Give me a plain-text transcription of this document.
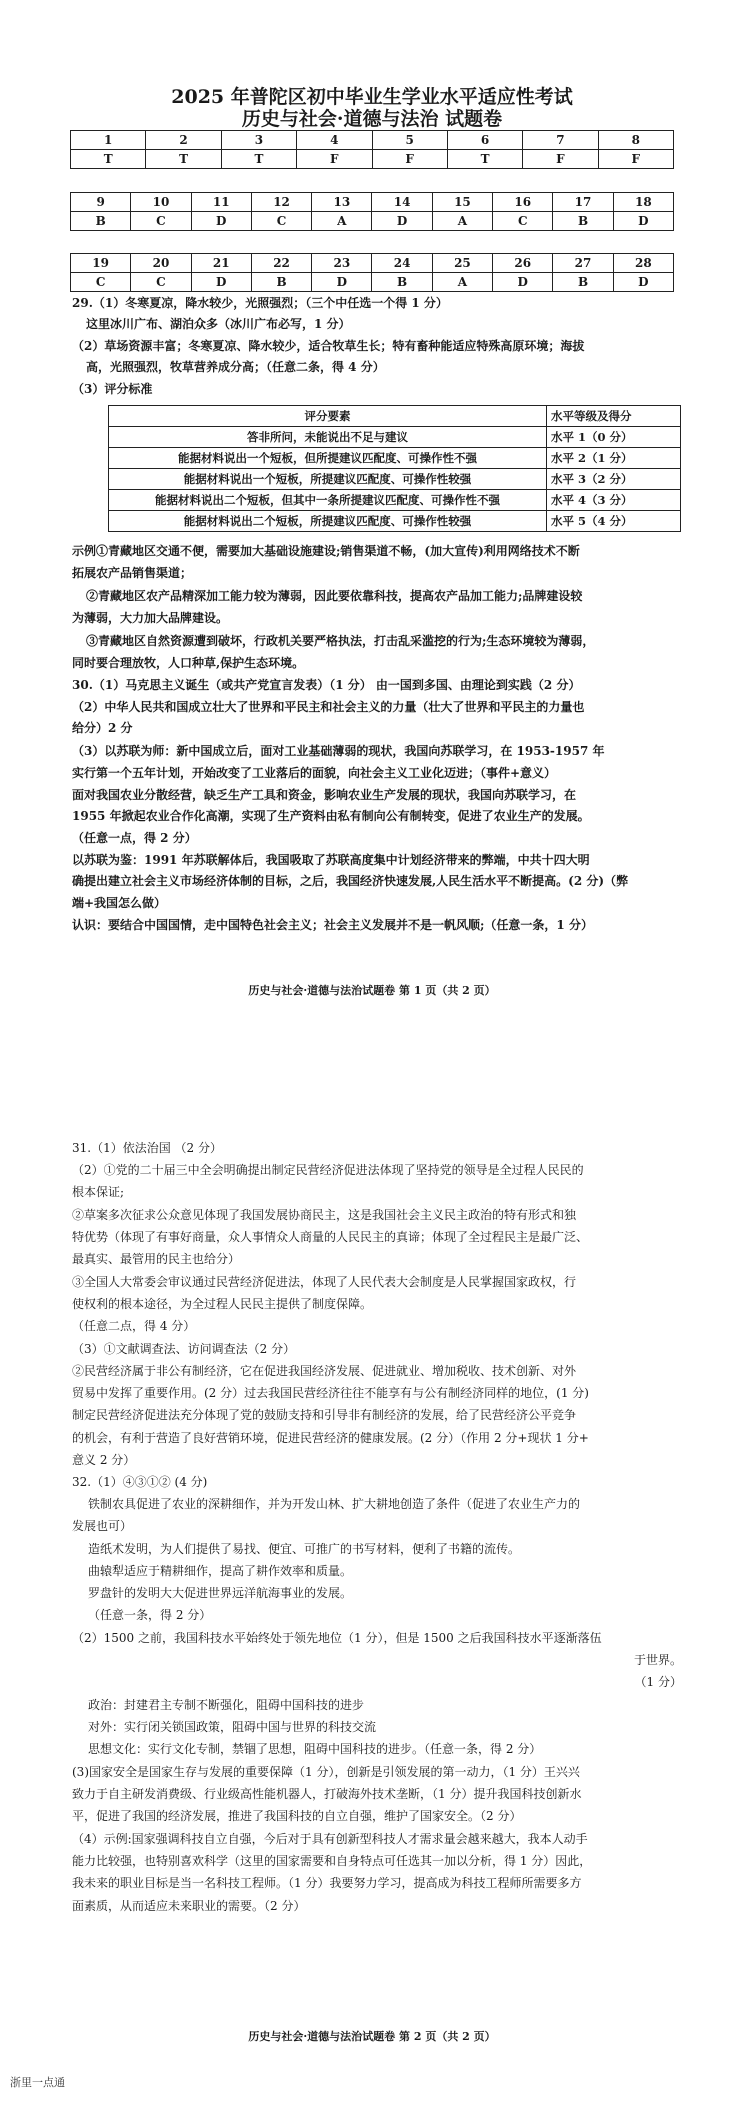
2025 年普陀区初中毕业生学业水平适应性考试
历史与社会·道德与法治 试题卷
1	2	3	4	5	6	7	8
T	T	T	F	F	T	F	F
9	10	11	12	13	14	15	16	17	18
B	C	D	C	A	D	A	C	B	D
19	20	21	22	23	24	25	26	27	28
C	C	D	B	D	B	A	D	B	D
29.（1）冬寒夏凉，降水较少，光照强烈；（三个中任选一个得 1 分）
这里冰川广布、湖泊众多（冰川广布必写，1 分）
（2）草场资源丰富；冬寒夏凉、降水较少，适合牧草生长；特有畜种能适应特殊高原环境；海拔
高，光照强烈，牧草营养成分高；（任意二条，得 4 分）
（3）评分标准
评分要素	水平等级及得分
答非所问，未能说出不足与建议	水平 1（0 分）
能据材料说出一个短板，但所提建议匹配度、可操作性不强	水平 2（1 分）
能据材料说出一个短板，所提建议匹配度、可操作性较强	水平 3（2 分）
能据材料说出二个短板，但其中一条所提建议匹配度、可操作性不强	水平 4（3 分）
能据材料说出二个短板，所提建议匹配度、可操作性较强	水平 5（4 分）
示例①青藏地区交通不便，需要加大基础设施建设;销售渠道不畅，(加大宣传)利用网络技术不断
拓展农产品销售渠道；
②青藏地区农产品精深加工能力较为薄弱，因此要依靠科技，提高农产品加工能力;品牌建设较
为薄弱，大力加大品牌建设。
③青藏地区自然资源遭到破坏，行政机关要严格执法，打击乱采滥挖的行为;生态环境较为薄弱，
同时要合理放牧，人口种草,保护生态环境。
30.（1）马克思主义诞生（或共产党宣言发表）（1 分） 由一国到多国、由理论到实践（2 分）
（2）中华人民共和国成立壮大了世界和平民主和社会主义的力量（壮大了世界和平民主的力量也
给分）2 分
（3）以苏联为师：新中国成立后，面对工业基础薄弱的现状，我国向苏联学习，在 1953-1957 年
实行第一个五年计划，开始改变了工业落后的面貌，向社会主义工业化迈进；（事件+意义）
面对我国农业分散经营，缺乏生产工具和资金，影响农业生产发展的现状，我国向苏联学习，在
1955 年掀起农业合作化高潮，实现了生产资料由私有制向公有制转变，促进了农业生产的发展。
（任意一点，得 2 分）
以苏联为鉴：1991 年苏联解体后，我国吸取了苏联高度集中计划经济带来的弊端，中共十四大明
确提出建立社会主义市场经济体制的目标，之后，我国经济快速发展,人民生活水平不断提高。(2 分)（弊
端+我国怎么做）
认识：要结合中国国情，走中国特色社会主义；社会主义发展并不是一帆风顺;（任意一条，1 分）
历史与社会·道德与法治试题卷 第 1 页（共 2 页）
31.（1）依法治国 （2 分）
（2）①党的二十届三中全会明确提出制定民营经济促进法体现了坚持党的领导是全过程人民民的
根本保证;
②草案多次征求公众意见体现了我国发展协商民主，这是我国社会主义民主政治的特有形式和独
特优势（体现了有事好商量，众人事情众人商量的人民民主的真谛；体现了全过程民主是最广泛、
最真实、最管用的民主也给分）
③全国人大常委会审议通过民营经济促进法，体现了人民代表大会制度是人民掌握国家政权，行
使权利的根本途径，为全过程人民民主提供了制度保障。
（任意二点，得 4 分）
（3）①文献调查法、访问调查法（2 分）
②民营经济属于非公有制经济，它在促进我国经济发展、促进就业、增加税收、技术创新、对外
贸易中发挥了重要作用。(2 分）过去我国民营经济往往不能享有与公有制经济同样的地位，(1 分)
制定民营经济促进法充分体现了党的鼓励支持和引导非有制经济的发展，给了民营经济公平竞争
的机会，有利于营造了良好营销环境，促进民营经济的健康发展。(2 分）（作用 2 分+现状 1 分+
意义 2 分）
32.（1）④③①② (4 分)
铁制农具促进了农业的深耕细作，并为开发山林、扩大耕地创造了条件（促进了农业生产力的
发展也可）
造纸术发明，为人们提供了易找、便宜、可推广的书写材料，便利了书籍的流传。
曲辕犁适应于精耕细作，提高了耕作效率和质量。
罗盘针的发明大大促进世界远洋航海事业的发展。
（任意一条，得 2 分）
（2）1500 之前，我国科技水平始终处于领先地位（1 分），但是 1500 之后我国科技水平逐渐落伍
于世界。
（1 分）
政治：封建君主专制不断强化，阻碍中国科技的进步
对外：实行闭关锁国政策，阻碍中国与世界的科技交流
思想文化：实行文化专制，禁锢了思想，阻碍中国科技的进步。（任意一条，得 2 分）
(3)国家安全是国家生存与发展的重要保障（1 分），创新是引领发展的第一动力，（1 分）王兴兴
致力于自主研发消费级、行业级高性能机器人，打破海外技术垄断，（1 分）提升我国科技创新水
平，促进了我国的经济发展，推进了我国科技的自立自强，维护了国家安全。（2 分）
（4）示例:国家强调科技自立自强，今后对于具有创新型科技人才需求量会越来越大，我本人动手
能力比较强，也特别喜欢科学（这里的国家需要和自身特点可任选其一加以分析，得 1 分）因此，
我未来的职业目标是当一名科技工程师。（1 分）我要努力学习，提高成为科技工程师所需要多方
面素质，从而适应未来职业的需要。（2 分）
历史与社会·道德与法治试题卷 第 2 页（共 2 页）
浙里一点通
